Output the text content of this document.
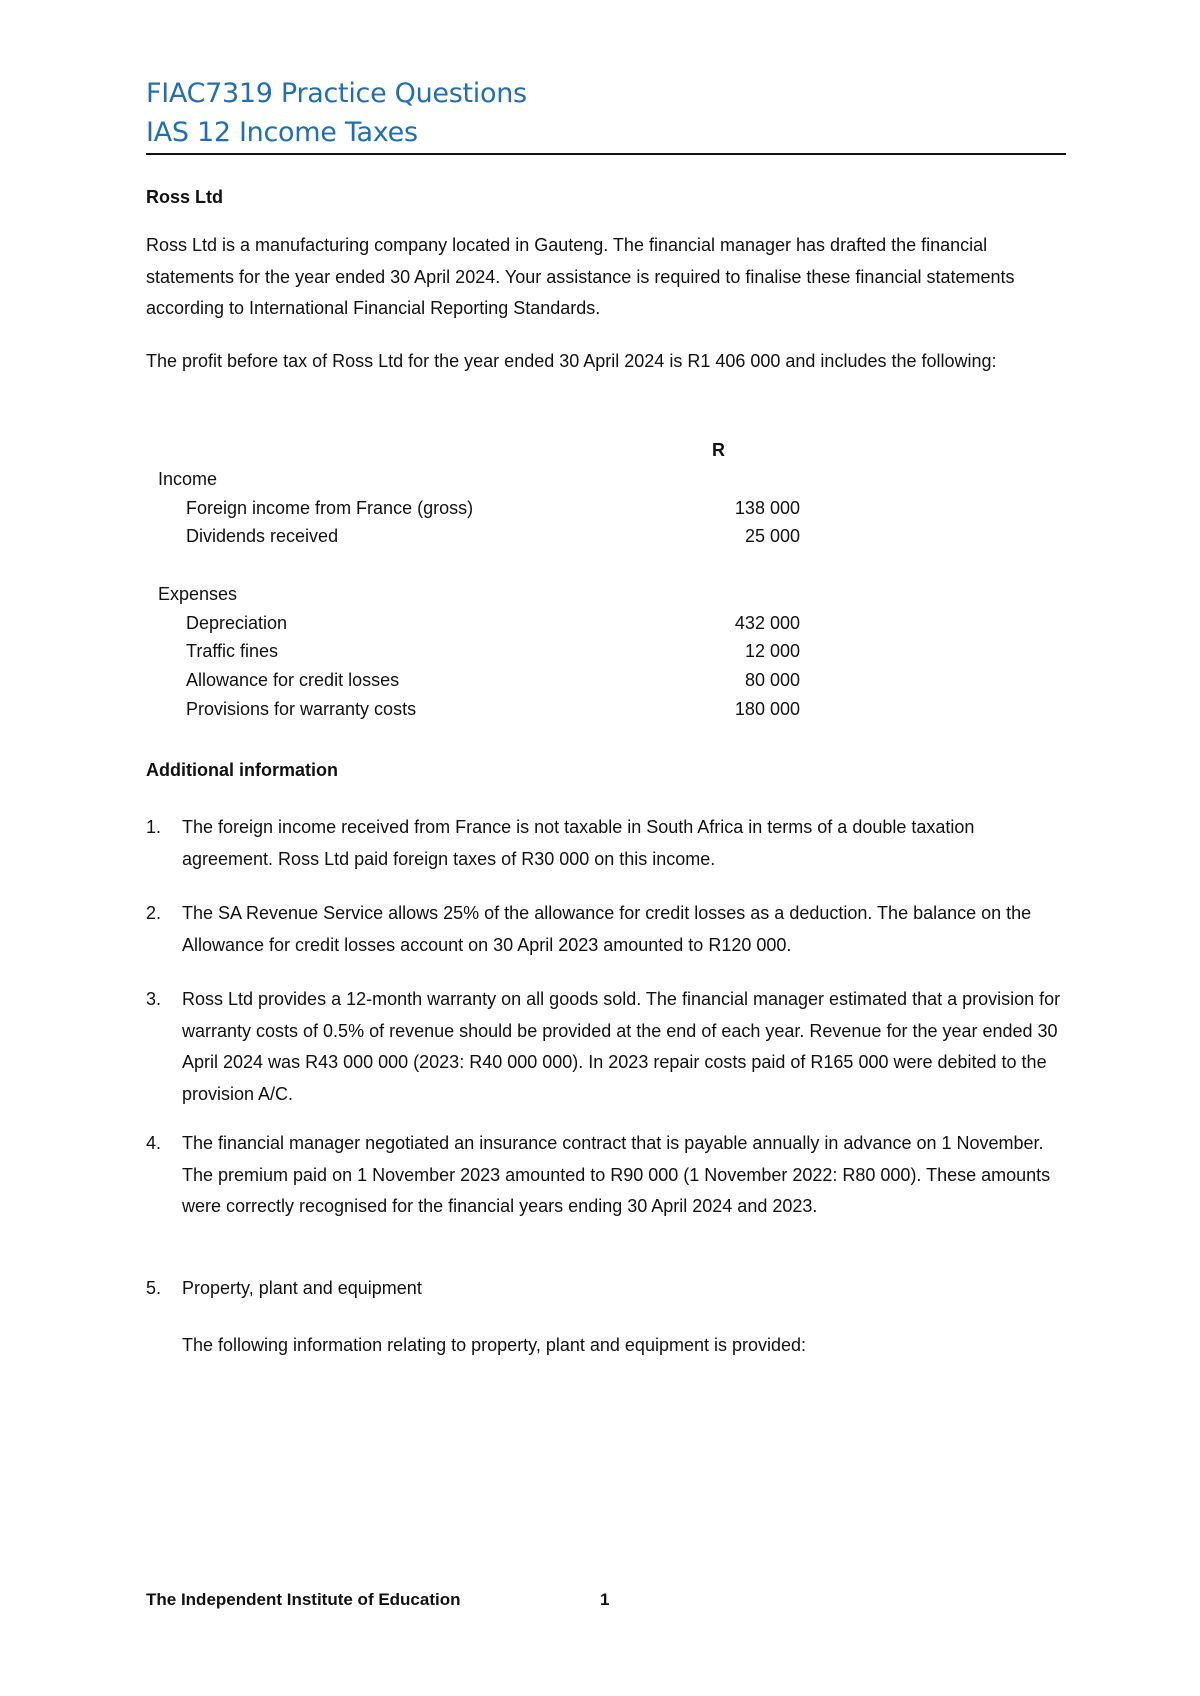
FIAC7319 Practice Questions
IAS 12 Income Taxes
Ross Ltd
Ross Ltd is a manufacturing company located in Gauteng. The financial manager has drafted the financial statements for the year ended 30 April 2024. Your assistance is required to finalise these financial statements according to International Financial Reporting Standards.
The profit before tax of Ross Ltd for the year ended 30 April 2024 is R1 406 000 and includes the following:
R
Income
Foreign income from France (gross)	138 000
Dividends received	25 000
Expenses
Depreciation	432 000
Traffic fines	12 000
Allowance for credit losses	80 000
Provisions for warranty costs	180 000
Additional information
1.	The foreign income received from France is not taxable in South Africa in terms of a double taxation agreement. Ross Ltd paid foreign taxes of R30 000 on this income.
2.	The SA Revenue Service allows 25% of the allowance for credit losses as a deduction. The balance on the Allowance for credit losses account on 30 April 2023 amounted to R120 000.
3.	Ross Ltd provides a 12-month warranty on all goods sold. The financial manager estimated that a provision for warranty costs of 0.5% of revenue should be provided at the end of each year. Revenue for the year ended 30 April 2024 was R43 000 000 (2023: R40 000 000). In 2023 repair costs paid of R165 000 were debited to the provision A/C.
4.	The financial manager negotiated an insurance contract that is payable annually in advance on 1 November. The premium paid on 1 November 2023 amounted to R90 000 (1 November 2022: R80 000). These amounts were correctly recognised for the financial years ending 30 April 2024 and 2023.
5.	Property, plant and equipment
The following information relating to property, plant and equipment is provided:
The Independent Institute of Education	1
